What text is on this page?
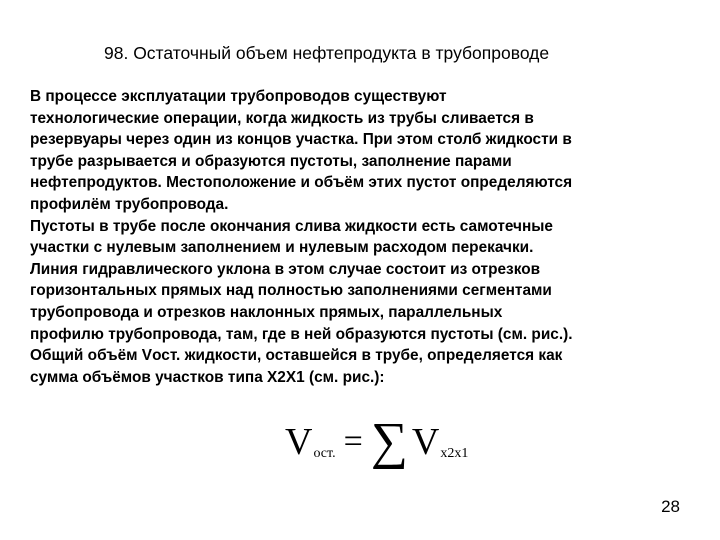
98. Остаточный объем нефтепродукта в трубопроводе
В процессе эксплуатации трубопроводов существуют
технологические операции, когда жидкость из трубы сливается в
резервуары через один из концов участка. При этом столб жидкости в
трубе разрывается и образуются пустоты, заполнение парами
нефтепродуктов. Местоположение и объём этих пустот определяются
профилём трубопровода.
Пустоты в трубе после окончания слива жидкости есть самотечные
участки с нулевым заполнением и нулевым расходом перекачки.
Линия гидравлического уклона в этом случае состоит из отрезков
горизонтальных прямых над полностью заполнениями сегментами
трубопровода и отрезков наклонных прямых, параллельных
профилю трубопровода, там, где в ней образуются пустоты (см. рис.).
Общий объём Vост. жидкости, оставшейся в трубе, определяется как
сумма объёмов участков типа X2X1 (см. рис.):
V ост. = ∑ V x2x1
28
